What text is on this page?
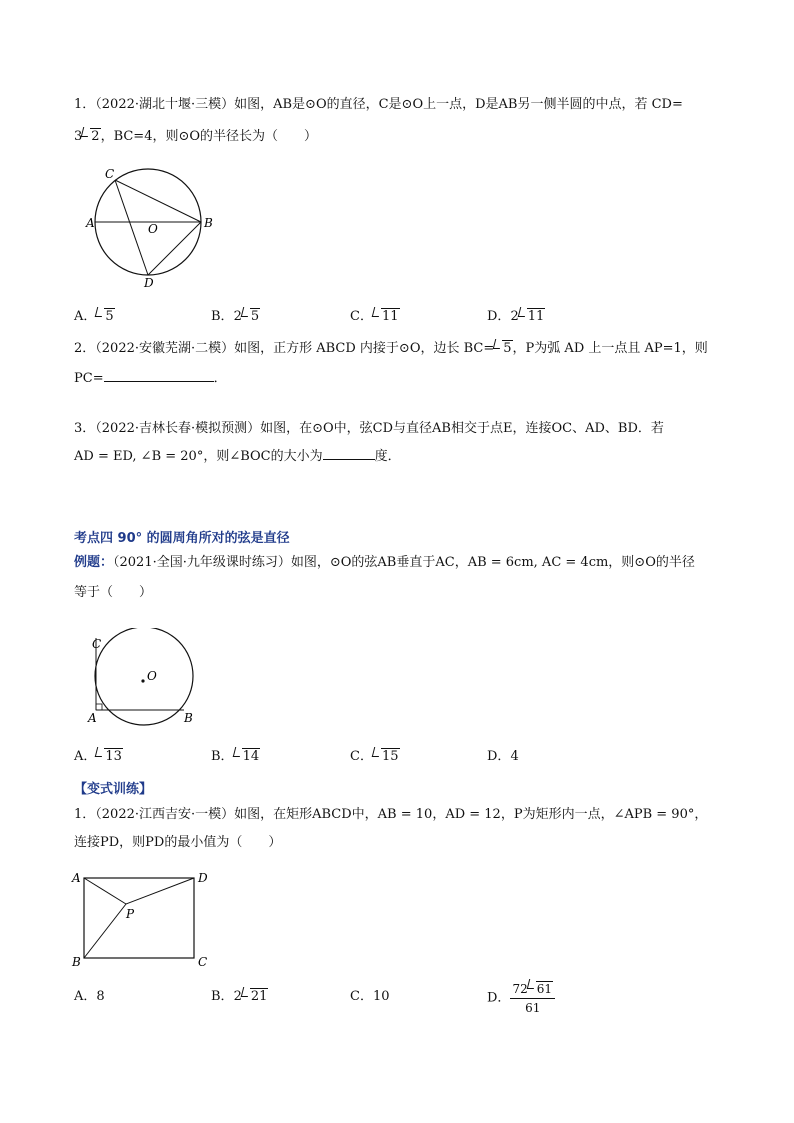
1．（2022·湖北十堰·三模）如图，AB是⊙O的直径，C是⊙O上一点，D是AB另一侧半圆的中点，若 CD=
3 2，BC=4，则⊙O的半径长为（　　）
C
A	B
O
D
A． 5	B．2 5	C． 11	D．2 11
2．（2022·安徽芜湖·二模）如图，正方形 ABCD 内接于⊙O，边长 BC= 5，P为弧 AD 上一点且 AP=1，则
PC=	．
3．（2022·吉林长春·模拟预测）如图，在⊙O中，弦CD与直径AB相交于点E，连接OC、AD、BD．若
AD = ED, ∠B = 20°，则∠BOC的大小为	度．
考点四 90° 的圆周角所对的弦是直径
例题：（2021·全国·九年级课时练习）如图，⊙O的弦AB垂直于AC，AB = 6cm, AC = 4cm，则⊙O的半径
等于（　　）
C
O
A	B
A． 13	B． 14	C． 15	D．4
【变式训练】
1．（2022·江西吉安·一模）如图，在矩形ABCD中，AB = 10，AD = 12，P为矩形内一点，∠APB = 90°，
连接PD，则PD的最小值为（　　）
A	D
P
B	C
A．8	B．2 21	C．10	D． $\frac{72 61}{61}$
